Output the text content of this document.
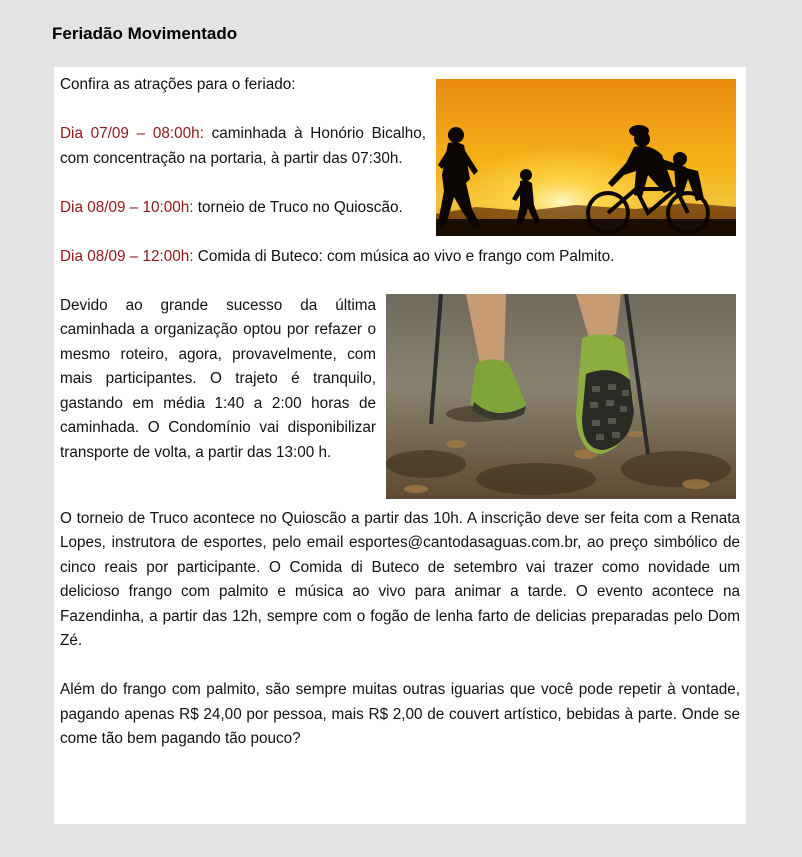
Feriadão Movimentado

Confira as atrações para o feriado:

Dia 07/09 – 08:00h: caminhada à Honório Bicalho, com concentração na portaria, à partir das 07:30h.

Dia 08/09 – 10:00h: torneio de Truco no Quioscão.

Dia 08/09 – 12:00h: Comida di Buteco: com música ao vivo e frango com Palmito.

Devido ao grande sucesso da última caminhada a organização optou por refazer o mesmo roteiro, agora, provavelmente, com mais participantes. O trajeto é tranquilo, gastando em média 1:40 a 2:00 horas de caminhada. O Condomínio vai disponibilizar transporte de volta, a partir das 13:00 h.

O torneio de Truco acontece no Quioscão a partir das 10h. A inscrição deve ser feita com a Renata Lopes, instrutora de esportes, pelo email esportes@cantodasaguas.com.br, ao preço simbólico de cinco reais por participante. O Comida di Buteco de setembro vai trazer como novidade um delicioso frango com palmito e música ao vivo para animar a tarde. O evento acontece na Fazendinha, a partir das 12h, sempre com o fogão de lenha farto de delicias preparadas pelo Dom Zé.

Além do frango com palmito, são sempre muitas outras iguarias que você pode repetir à vontade, pagando apenas R$ 24,00 por pessoa, mais R$ 2,00 de couvert artístico, bebidas à parte. Onde se come tão bem pagando tão pouco?
